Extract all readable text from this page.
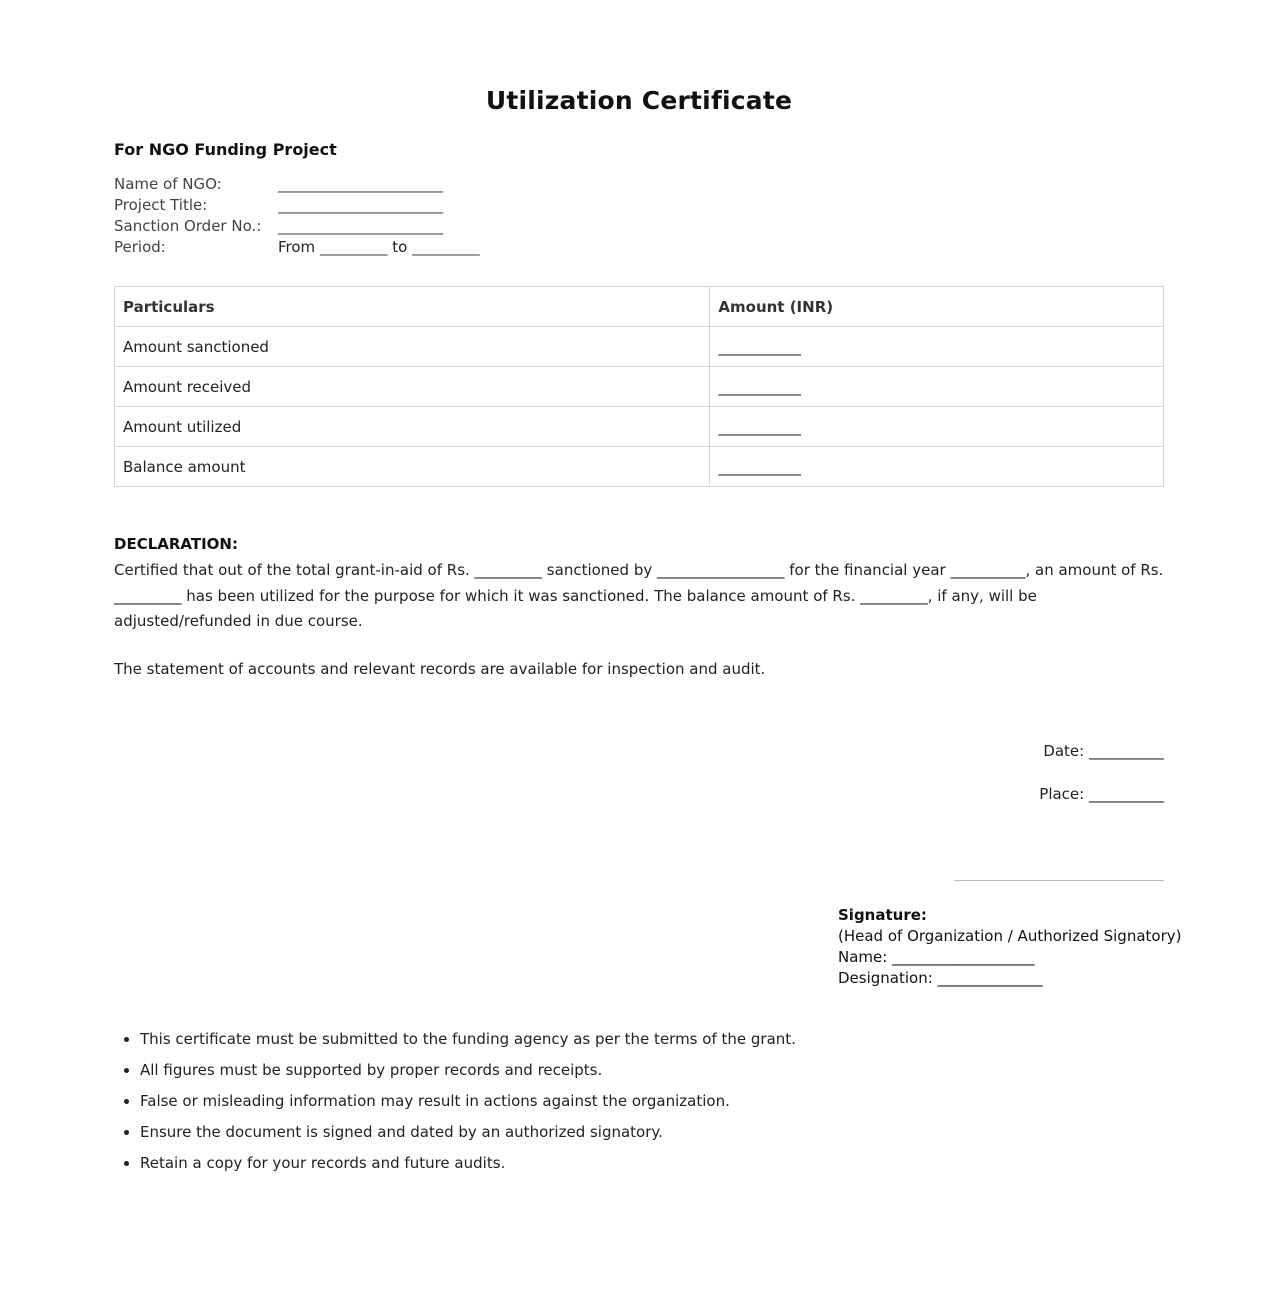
Utilization Certificate
For NGO Funding Project
Name of NGO:	______________________
Project Title:	______________________
Sanction Order No.:	______________________
Period:	From _________ to _________
Particulars	Amount (INR)
Amount sanctioned	___________
Amount received	___________
Amount utilized	___________
Balance amount	___________
DECLARATION:
Certified that out of the total grant-in-aid of Rs. _________ sanctioned by _________________ for the financial year __________, an amount of Rs. _________ has been utilized for the purpose for which it was sanctioned. The balance amount of Rs. _________, if any, will be adjusted/refunded in due course.
The statement of accounts and relevant records are available for inspection and audit.
Date: __________
Place: __________
Signature:
(Head of Organization / Authorized Signatory)
Name: ___________________
Designation: ______________
• This certificate must be submitted to the funding agency as per the terms of the grant.
• All figures must be supported by proper records and receipts.
• False or misleading information may result in actions against the organization.
• Ensure the document is signed and dated by an authorized signatory.
• Retain a copy for your records and future audits.
